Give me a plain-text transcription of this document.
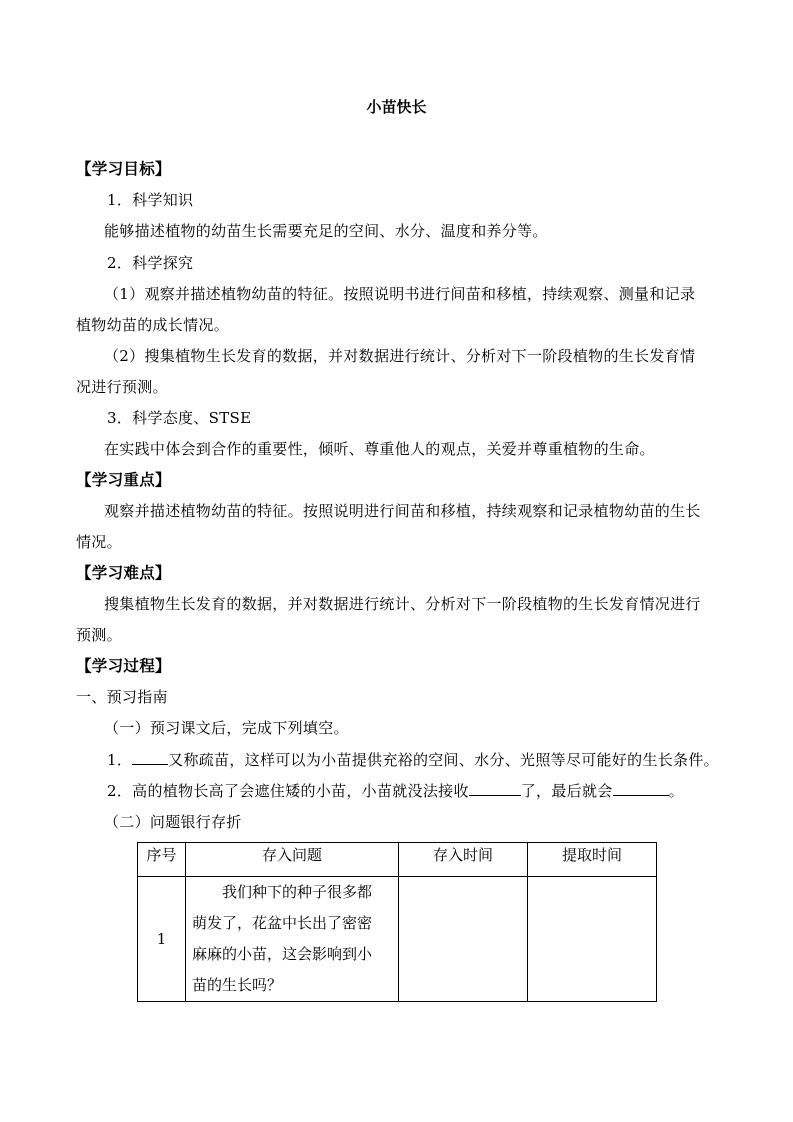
小苗快长
【学习目标】
1．科学知识
能够描述植物的幼苗生长需要充足的空间、水分、温度和养分等。
2．科学探究
（1）观察并描述植物幼苗的特征。按照说明书进行间苗和移植，持续观察、测量和记录
植物幼苗的成长情况。
（2）搜集植物生长发育的数据，并对数据进行统计、分析对下一阶段植物的生长发育情
况进行预测。
3．科学态度、STSE
在实践中体会到合作的重要性，倾听、尊重他人的观点，关爱并尊重植物的生命。
【学习重点】
观察并描述植物幼苗的特征。按照说明进行间苗和移植，持续观察和记录植物幼苗的生长
情况。
【学习难点】
搜集植物生长发育的数据，并对数据进行统计、分析对下一阶段植物的生长发育情况进行
预测。
【学习过程】
一、预习指南
（一）预习课文后，完成下列填空。
1． 又称疏苗，这样可以为小苗提供充裕的空间、水分、光照等尽可能好的生长条件。
2．高的植物长高了会遮住矮的小苗，小苗就没法接收	了，最后就会	。
（二）问题银行存折
序号	存入问题	存入时间	提取时间
1	我们种下的种子很多都
萌发了，花盆中长出了密密
麻麻的小苗，这会影响到小
苗的生长吗？		
